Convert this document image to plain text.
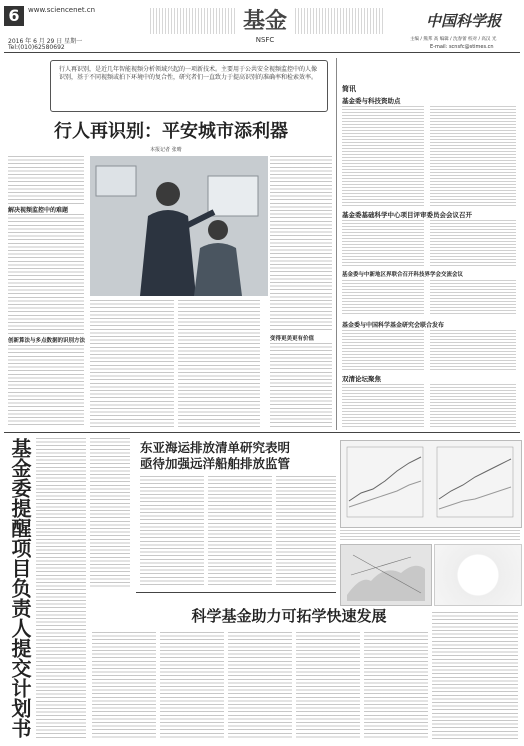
6	www.sciencenet.cn
2016 年 6 月 29 日 星期一
Tel:(010)62580692
基金
NSFC
中国科学报
主编 / 熊邦 高 编辑 / 沈春蕾 校对 / 高汉 光
E-mail: scnsfc@stimes.cn
行人再识别，是近几年智能视频分析领域兴起的一项新技术。主要用于公共安全视频监控中的人像识别，基于不同视频或拍下环境中的复合性，研究者们一直致力于提高识别的准确率和检索效率。
行人再识别：平安城市添利器
本报记者 张晴
解决视频监控中的难题
创新算法与多点数据的识别方法	变得更美更有价值
简讯
基金委与科技资助点
基金委基础科学中心项目评审委员会会议召开
基金委与中新地区界联合召开科技界学会交流会议
基金委与中国科学基金研究会联合发布
双清论坛聚焦
基金委提醒项目负责人提交计划书	东亚海运排放清单研究表明
亟待加强远洋船舶排放监管
科学基金助力可拓学快速发展
